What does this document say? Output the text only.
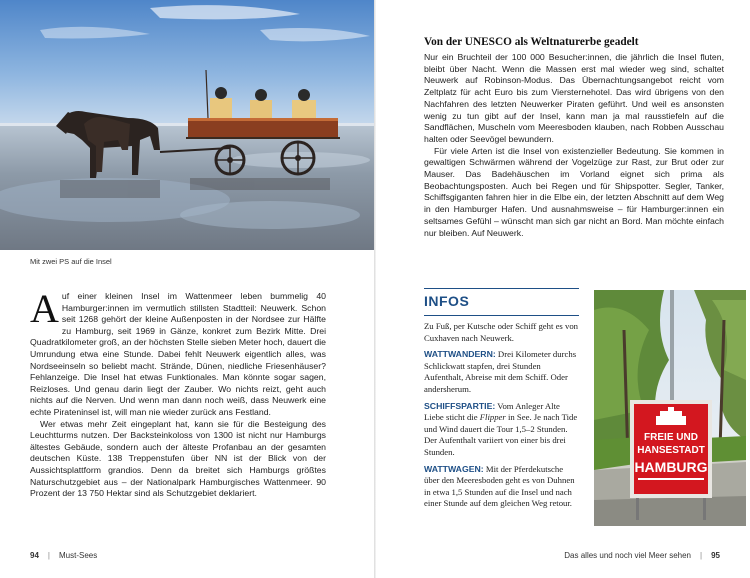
Mit zwei PS auf die Insel

Auf einer kleinen Insel im Wattenmeer leben bummelig 40 Hamburger:innen im vermutlich stillsten Stadtteil: Neuwerk. Schon seit 1268 gehört der kleine Außenposten in der Nordsee zur Hälfte zu Hamburg, seit 1969 in Gänze, konkret zum Bezirk Mitte. Drei Quadratkilometer groß, an der höchsten Stelle sieben Meter hoch, dauert die Umrundung etwa eine Stunde. Dabei fehlt Neuwerk eigentlich alles, was Nordseeinseln so beliebt macht. Strände, Dünen, niedliche Friesenhäuser? Fehlanzeige. Die Insel hat etwas Funktionales. Man könnte sogar sagen, Reizloses. Und genau darin liegt der Zauber. Wo nichts reizt, geht auch nichts auf die Nerven. Und wenn man dann noch weiß, dass Neuwerk eine echte Pirateninsel ist, will man nie wieder zurück ans Festland.

Wer etwas mehr Zeit eingeplant hat, kann sie für die Besteigung des Leuchtturms nutzen. Der Backsteinkoloss von 1300 ist nicht nur Hamburgs ältestes Gebäude, sondern auch der älteste Profanbau an der gesamten deutschen Küste. 138 Treppenstufen über NN ist der Blick von der Aussichtsplattform grandios. Denn da breitet sich Hamburgs größtes Naturschutzgebiet aus – der Nationalpark Hamburgisches Wattenmeer. 90 Prozent der 13 750 Hektar sind als Schutzgebiet deklariert.

94 | Must-Sees
Von der UNESCO als Weltnaturerbe geadelt

Nur ein Bruchteil der 100 000 Besucher:innen, die jährlich die Insel fluten, bleibt über Nacht. Wenn die Massen erst mal wieder weg sind, schaltet Neuwerk auf Robinson-Modus. Das Übernachtungsangebot reicht vom Zeltplatz für acht Euro bis zum Viersternehotel. Das wird übrigens von den Nachfahren des letzten Neuwerker Piraten geführt. Und weil es ansonsten wenig zu tun gibt auf der Insel, kann man ja mal rausstiefeln auf die Sandflächen, Muscheln vom Meeresboden klauben, nach Robben Ausschau halten oder Seevögel bewundern.

Für viele Arten ist die Insel von existenzieller Bedeutung. Sie kommen in gewaltigen Schwärmen während der Vogelzüge zur Rast, zur Brut oder zur Mauser. Das Badehäuschen im Vorland eignet sich prima als Beobachtungsposten. Auch bei Regen und für Shipspotter. Segler, Tanker, Schiffsgiganten fahren hier in die Elbe ein, der letzten Abschnitt auf dem Weg in den Hamburger Hafen. Und ausnahmsweise – für Hamburger:innen ein seltsames Gefühl – wünscht man sich gar nicht an Bord. Man möchte einfach nur bleiben. Auf Neuwerk.

INFOS
Zu Fuß, per Kutsche oder Schiff geht es von Cuxhaven nach Neuwerk.
WATTWANDERN: Drei Kilometer durchs Schlickwatt stapfen, drei Stunden Aufenthalt, Abreise mit dem Schiff. Oder andersherum.
SCHIFFSPARTIE: Vom Anleger Alte Liebe sticht die Flipper in See. Je nach Tide und Wind dauert die Tour 1,5–2 Stunden. Der Aufenthalt variiert von einer bis drei Stunden.
WATTWAGEN: Mit der Pferdekutsche über den Meeresboden geht es von Duhnen in etwa 1,5 Stunden auf die Insel und nach einer Stunde auf dem gleichen Weg retour.
Das alles und noch viel Meer sehen | 95
FREIE UND
HANSESTADT
HAMBURG
